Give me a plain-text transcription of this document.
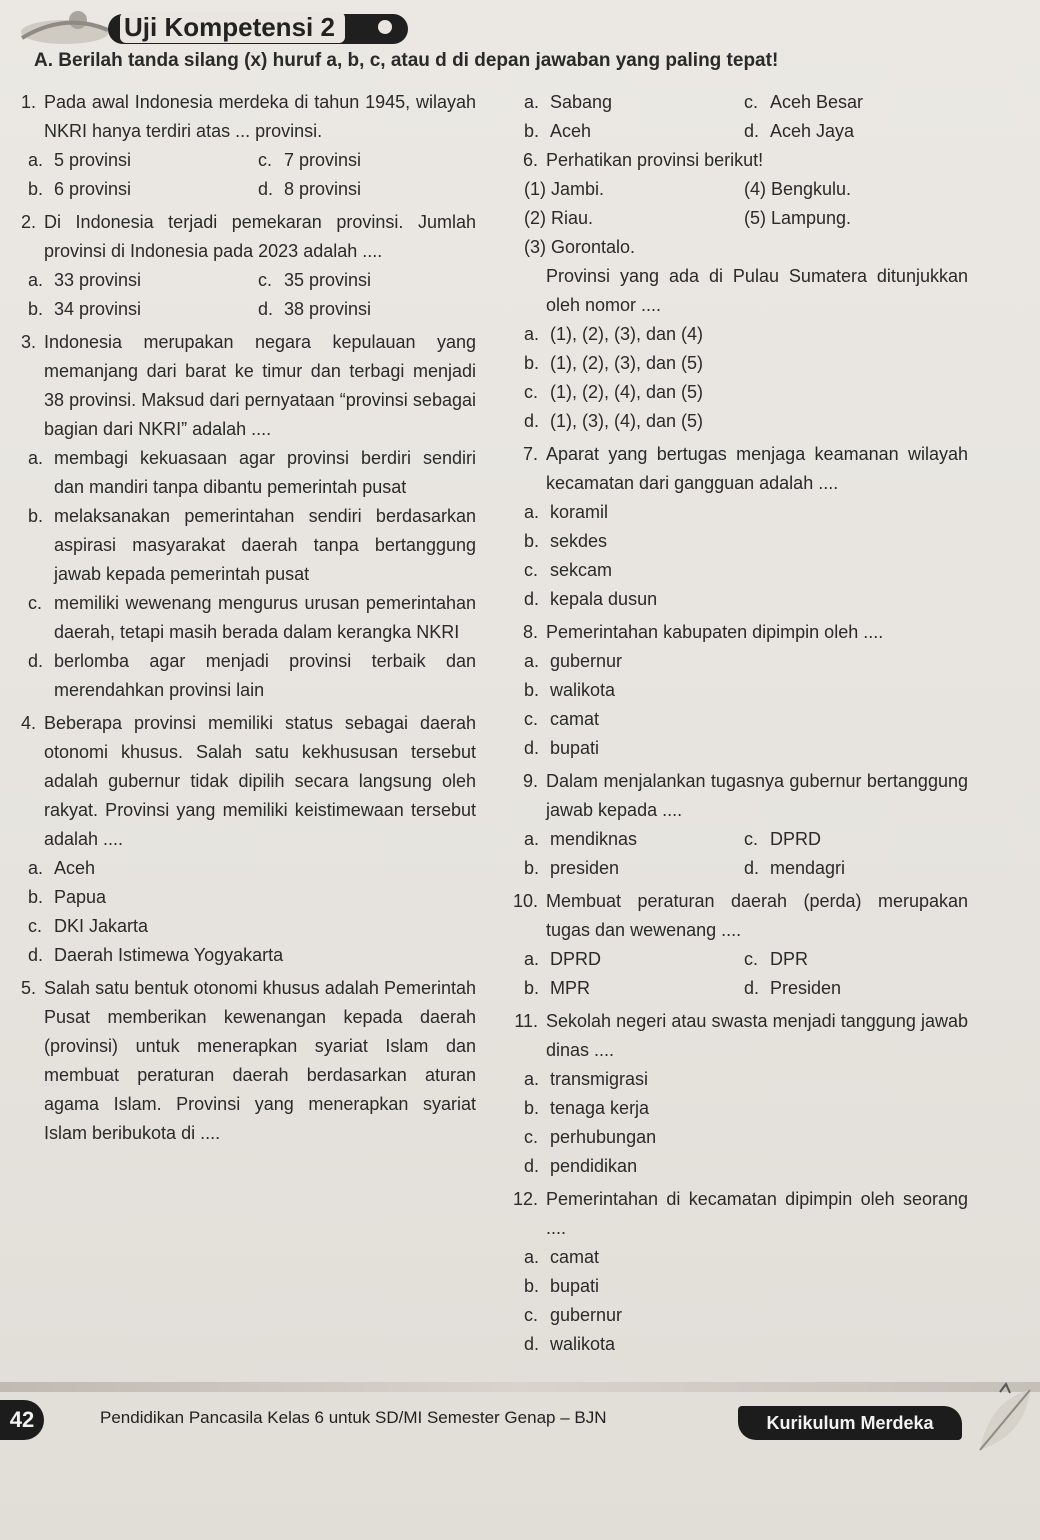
Uji Kompetensi 2
A. Berilah tanda silang (x) huruf a, b, c, atau d di depan jawaban yang paling tepat!
1. Pada awal Indonesia merdeka di tahun 1945, wilayah NKRI hanya terdiri atas ... provinsi.
a. 5 provinsi	c. 7 provinsi
b. 6 provinsi	d. 8 provinsi
2. Di Indonesia terjadi pemekaran provinsi. Jumlah provinsi di Indonesia pada 2023 adalah ....
a. 33 provinsi	c. 35 provinsi
b. 34 provinsi	d. 38 provinsi
3. Indonesia merupakan negara kepulauan yang memanjang dari barat ke timur dan terbagi menjadi 38 provinsi. Maksud dari pernyataan “provinsi sebagai bagian dari NKRI” adalah ....
a. membagi kekuasaan agar provinsi berdiri sendiri dan mandiri tanpa dibantu pemerintah pusat
b. melaksanakan pemerintahan sendiri berdasarkan aspirasi masyarakat daerah tanpa bertanggung jawab kepada pemerintah pusat
c. memiliki wewenang mengurus urusan pemerintahan daerah, tetapi masih berada dalam kerangka NKRI
d. berlomba agar menjadi provinsi terbaik dan merendahkan provinsi lain
4. Beberapa provinsi memiliki status sebagai daerah otonomi khusus. Salah satu kekhususan tersebut adalah gubernur tidak dipilih secara langsung oleh rakyat. Provinsi yang memiliki keistimewaan tersebut adalah ....
a. Aceh
b. Papua
c. DKI Jakarta
d. Daerah Istimewa Yogyakarta
5. Salah satu bentuk otonomi khusus adalah Pemerintah Pusat memberikan kewenangan kepada daerah (provinsi) untuk menerapkan syariat Islam dan membuat peraturan daerah berdasarkan aturan agama Islam. Provinsi yang menerapkan syariat Islam beribukota di ....
a. Sabang	c. Aceh Besar
b. Aceh	d. Aceh Jaya
6. Perhatikan provinsi berikut!
(1) Jambi.	(4) Bengkulu.
(2) Riau.	(5) Lampung.
(3) Gorontalo.
Provinsi yang ada di Pulau Sumatera ditunjukkan oleh nomor ....
a. (1), (2), (3), dan (4)
b. (1), (2), (3), dan (5)
c. (1), (2), (4), dan (5)
d. (1), (3), (4), dan (5)
7. Aparat yang bertugas menjaga keamanan wilayah kecamatan dari gangguan adalah ....
a. koramil
b. sekdes
c. sekcam
d. kepala dusun
8. Pemerintahan kabupaten dipimpin oleh ....
a. gubernur
b. walikota
c. camat
d. bupati
9. Dalam menjalankan tugasnya gubernur bertanggung jawab kepada ....
a. mendiknas	c. DPRD
b. presiden	d. mendagri
10. Membuat peraturan daerah (perda) merupakan tugas dan wewenang ....
a. DPRD	c. DPR
b. MPR	d. Presiden
11. Sekolah negeri atau swasta menjadi tanggung jawab dinas ....
a. transmigrasi
b. tenaga kerja
c. perhubungan
d. pendidikan
12. Pemerintahan di kecamatan dipimpin oleh seorang ....
a. camat
b. bupati
c. gubernur
d. walikota
42	Pendidikan Pancasila Kelas 6 untuk SD/MI Semester Genap – BJN	Kurikulum Merdeka
